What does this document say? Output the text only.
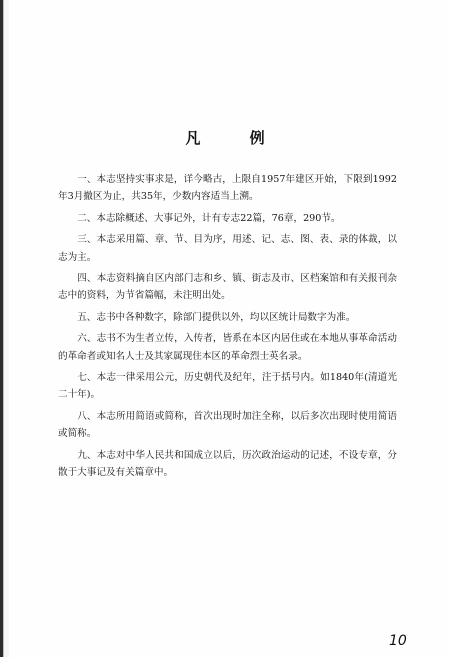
凡 例

一、本志坚持实事求是，详今略古，上限自1957年建区开始，下限到1992年3月撤区为止，共35年，少数内容适当上溯。

二、本志除概述、大事记外，计有专志22篇，76章，290节。

三、本志采用篇、章、节、目为序，用述、记、志、图、表、录的体裁，以志为主。

四、本志资料摘自区内部门志和乡、镇、街志及市、区档案馆和有关报刊杂志中的资料，为节省篇幅，未注明出处。

五、志书中各种数字，除部门提供以外，均以区统计局数字为准。

六、志书不为生者立传，入传者，皆系在本区内居住或在本地从事革命活动的革命者或知名人士及其家属现住本区的革命烈士英名录。

七、本志一律采用公元，历史朝代及纪年，注于括号内。如1840年(清道光二十年)。

八、本志所用简语或简称，首次出现时加注全称，以后多次出现时使用简语或简称。

九、本志对中华人民共和国成立以后，历次政治运动的记述，不设专章，分散于大事记及有关篇章中。

10
